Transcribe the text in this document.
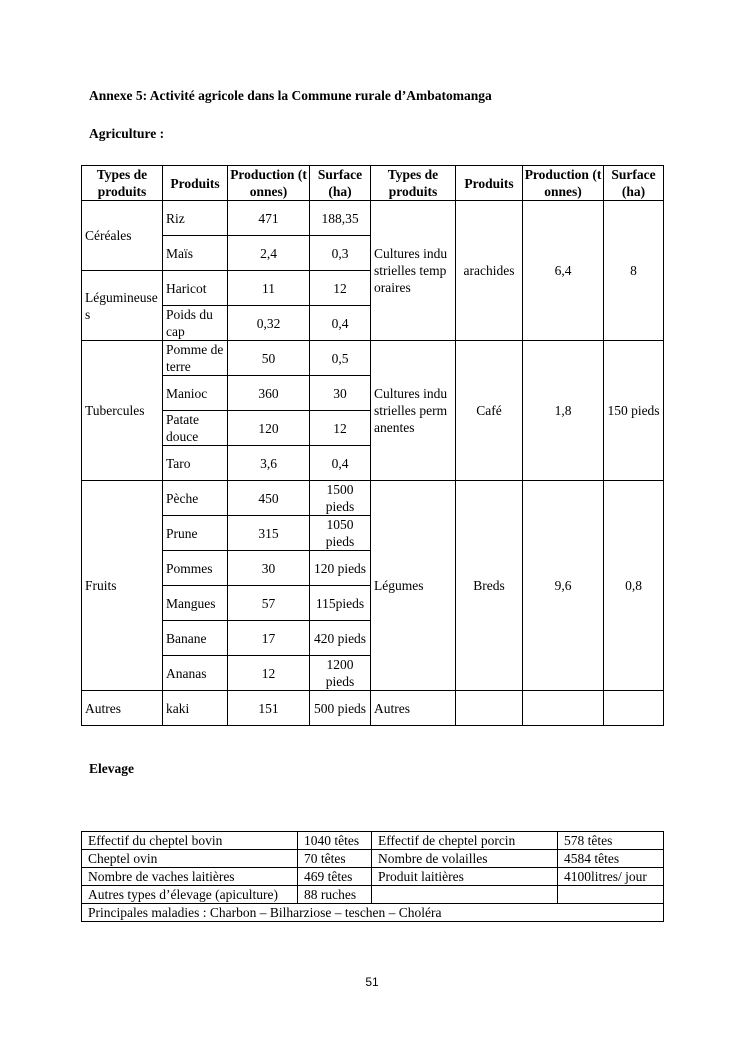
Annexe 5: Activité agricole dans la Commune rurale d’Ambatomanga
Agriculture :
Types de produits	Produits	Production (tonnes)	Surface (ha)	Types de produits	Produits	Production (tonnes)	Surface (ha)
Céréales	Riz	471	188,35	Cultures industrielles temporaires	arachides	6,4	8
	Maïs	2,4	0,3				
Légumineuses	Haricot	11	12				
	Poids du cap	0,32	0,4				
Tubercules	Pomme de terre	50	0,5	Cultures industrielles permanentes	Café	1,8	150 pieds
	Manioc	360	30				
	Patate douce	120	12				
	Taro	3,6	0,4				
Fruits	Pèche	450	1500 pieds	Légumes	Breds	9,6	0,8
	Prune	315	1050 pieds				
	Pommes	30	120 pieds				
	Mangues	57	115pieds				
	Banane	17	420 pieds				
	Ananas	12	1200 pieds				
Autres	kaki	151	500 pieds	Autres			
Elevage
Effectif du cheptel bovin	1040 têtes	Effectif de cheptel porcin	578 têtes
Cheptel ovin	70 têtes	Nombre de volailles	4584 têtes
Nombre de vaches laitières	469 têtes	Produit laitières	4100litres/ jour
Autres types d’élevage (apiculture)	88 ruches		
Principales maladies : Charbon – Bilharziose – teschen – Choléra			
51
